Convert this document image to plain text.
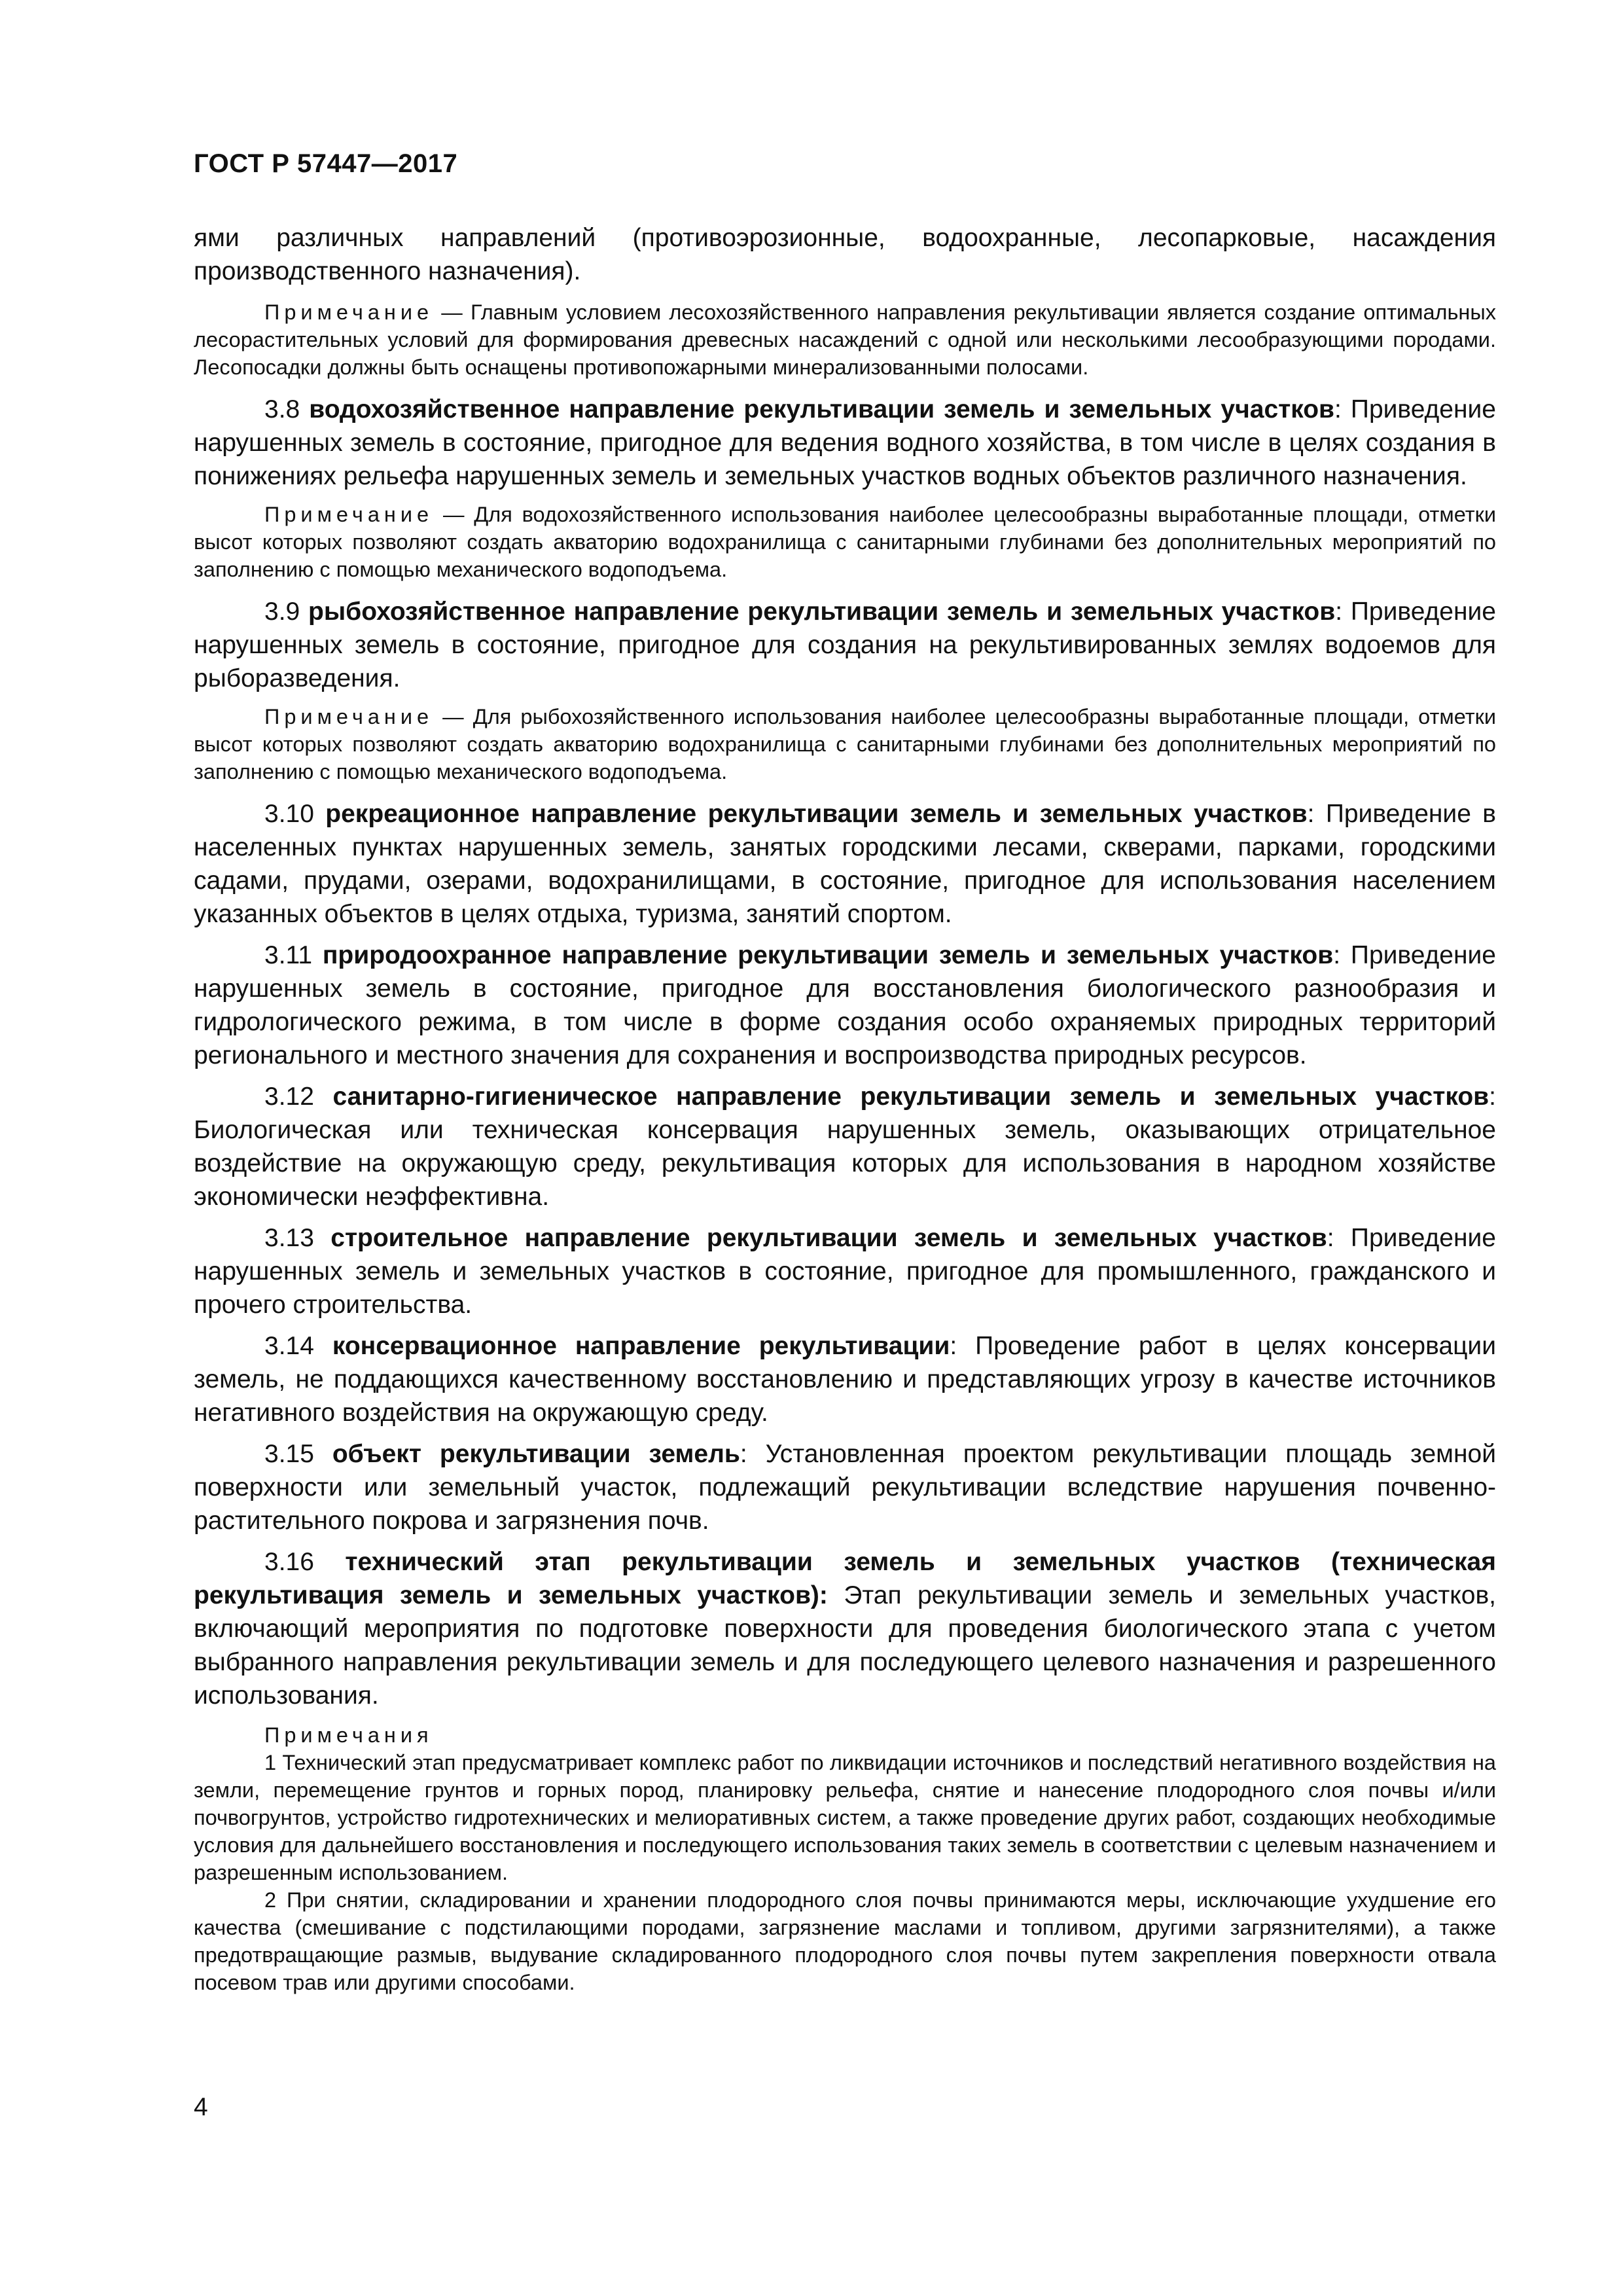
ГОСТ Р 57447—2017

ями различных направлений (противоэрозионные, водоохранные, лесопарковые, насаждения производственного назначения).

Примечание — Главным условием лесохозяйственного направления рекультивации является создание оптимальных лесорастительных условий для формирования древесных насаждений с одной или несколькими лесообразующими породами. Лесопосадки должны быть оснащены противопожарными минерализованными полосами.

3.8 водохозяйственное направление рекультивации земель и земельных участков: Приведение нарушенных земель в состояние, пригодное для ведения водного хозяйства, в том числе в целях создания в понижениях рельефа нарушенных земель и земельных участков водных объектов различного назначения.

Примечание — Для водохозяйственного использования наиболее целесообразны выработанные площади, отметки высот которых позволяют создать акваторию водохранилища с санитарными глубинами без дополнительных мероприятий по заполнению с помощью механического водоподъема.

3.9 рыбохозяйственное направление рекультивации земель и земельных участков: Приведение нарушенных земель в состояние, пригодное для создания на рекультивированных землях водоемов для рыборазведения.

Примечание — Для рыбохозяйственного использования наиболее целесообразны выработанные площади, отметки высот которых позволяют создать акваторию водохранилища с санитарными глубинами без дополнительных мероприятий по заполнению с помощью механического водоподъема.

3.10 рекреационное направление рекультивации земель и земельных участков: Приведение в населенных пунктах нарушенных земель, занятых городскими лесами, скверами, парками, городскими садами, прудами, озерами, водохранилищами, в состояние, пригодное для использования населением указанных объектов в целях отдыха, туризма, занятий спортом.

3.11 природоохранное направление рекультивации земель и земельных участков: Приведение нарушенных земель в состояние, пригодное для восстановления биологического разнообразия и гидрологического режима, в том числе в форме создания особо охраняемых природных территорий регионального и местного значения для сохранения и воспроизводства природных ресурсов.

3.12 санитарно-гигиеническое направление рекультивации земель и земельных участков: Биологическая или техническая консервация нарушенных земель, оказывающих отрицательное воздействие на окружающую среду, рекультивация которых для использования в народном хозяйстве экономически неэффективна.

3.13 строительное направление рекультивации земель и земельных участков: Приведение нарушенных земель и земельных участков в состояние, пригодное для промышленного, гражданского и прочего строительства.

3.14 консервационное направление рекультивации: Проведение работ в целях консервации земель, не поддающихся качественному восстановлению и представляющих угрозу в качестве источников негативного воздействия на окружающую среду.

3.15 объект рекультивации земель: Установленная проектом рекультивации площадь земной поверхности или земельный участок, подлежащий рекультивации вследствие нарушения почвенно-растительного покрова и загрязнения почв.

3.16 технический этап рекультивации земель и земельных участков (техническая рекультивация земель и земельных участков): Этап рекультивации земель и земельных участков, включающий мероприятия по подготовке поверхности для проведения биологического этапа с учетом выбранного направления рекультивации земель и для последующего целевого назначения и разрешенного использования.

Примечания

1 Технический этап предусматривает комплекс работ по ликвидации источников и последствий негативного воздействия на земли, перемещение грунтов и горных пород, планировку рельефа, снятие и нанесение плодородного слоя почвы и/или почвогрунтов, устройство гидротехнических и мелиоративных систем, а также проведение других работ, создающих необходимые условия для дальнейшего восстановления и последующего использования таких земель в соответствии с целевым назначением и разрешенным использованием.

2 При снятии, складировании и хранении плодородного слоя почвы принимаются меры, исключающие ухудшение его качества (смешивание с подстилающими породами, загрязнение маслами и топливом, другими загрязнителями), а также предотвращающие размыв, выдувание складированного плодородного слоя почвы путем закрепления поверхности отвала посевом трав или другими способами.

4
